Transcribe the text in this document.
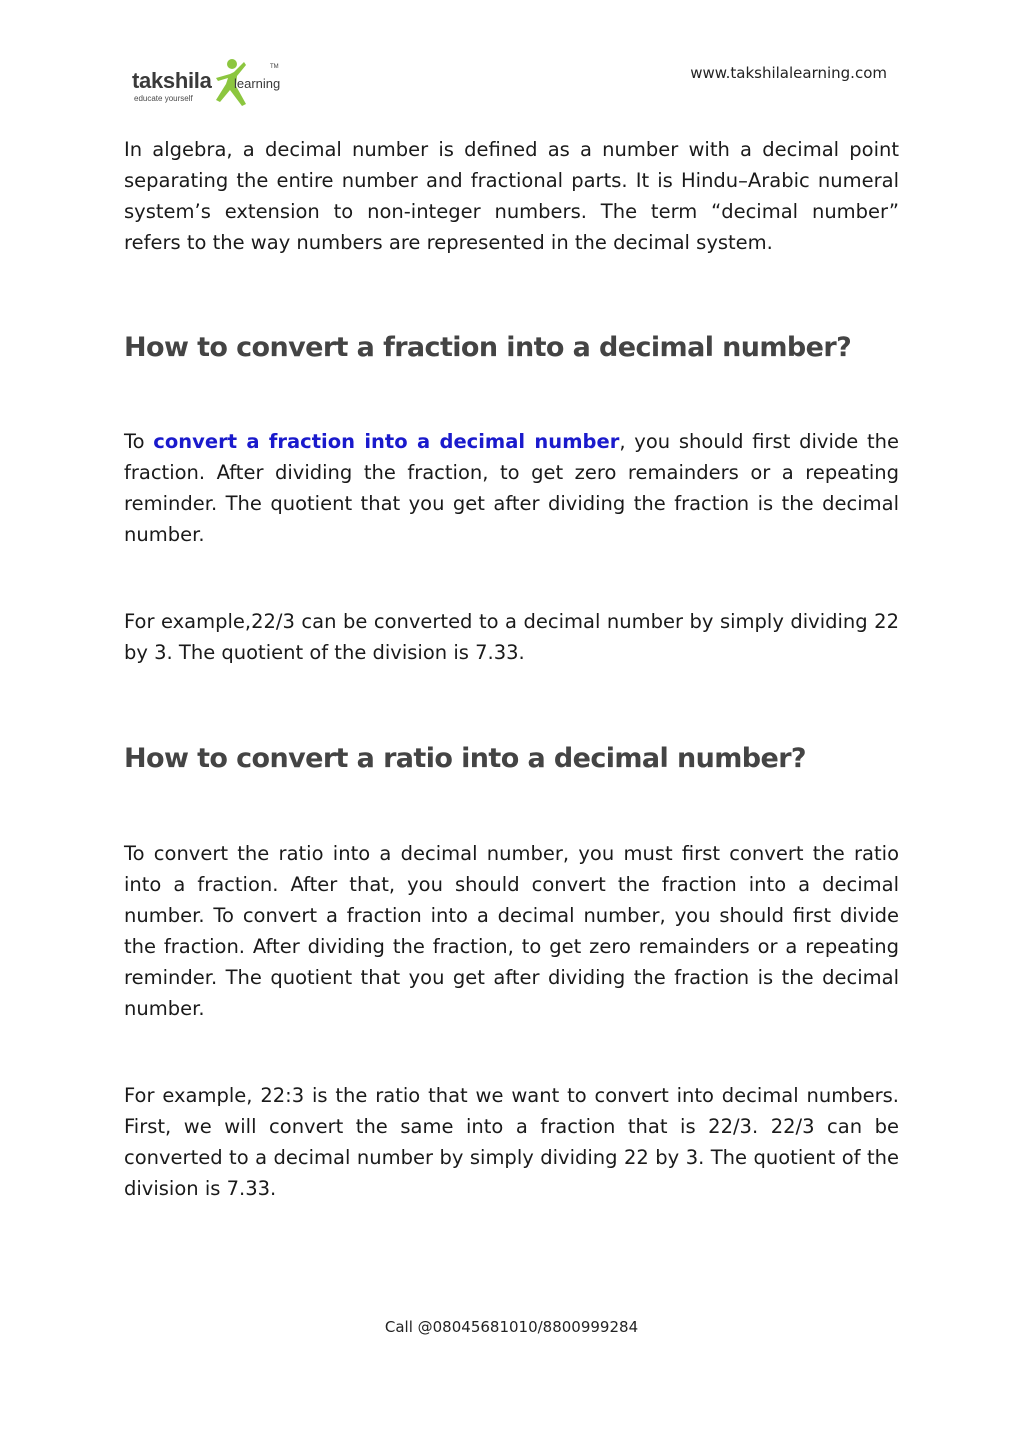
takshila learning
TM
educate yourself
www.takshilalearning.com

In algebra, a decimal number is defined as a number with a decimal point separating the entire number and fractional parts. It is Hindu–Arabic numeral system’s extension to non-integer numbers. The term “decimal number” refers to the way numbers are represented in the decimal system.

How to convert a fraction into a decimal number?

To convert a fraction into a decimal number, you should first divide the fraction. After dividing the fraction, to get zero remainders or a repeating reminder. The quotient that you get after dividing the fraction is the decimal number.

For example,22/3 can be converted to a decimal number by simply dividing 22 by 3. The quotient of the division is 7.33.

How to convert a ratio into a decimal number?

To convert the ratio into a decimal number, you must first convert the ratio into a fraction. After that, you should convert the fraction into a decimal number. To convert a fraction into a decimal number, you should first divide the fraction. After dividing the fraction, to get zero remainders or a repeating reminder. The quotient that you get after dividing the fraction is the decimal number.

For example, 22:3 is the ratio that we want to convert into decimal numbers. First, we will convert the same into a fraction that is 22/3. 22/3 can be converted to a decimal number by simply dividing 22 by 3. The quotient of the division is 7.33.

Call @08045681010/8800999284
